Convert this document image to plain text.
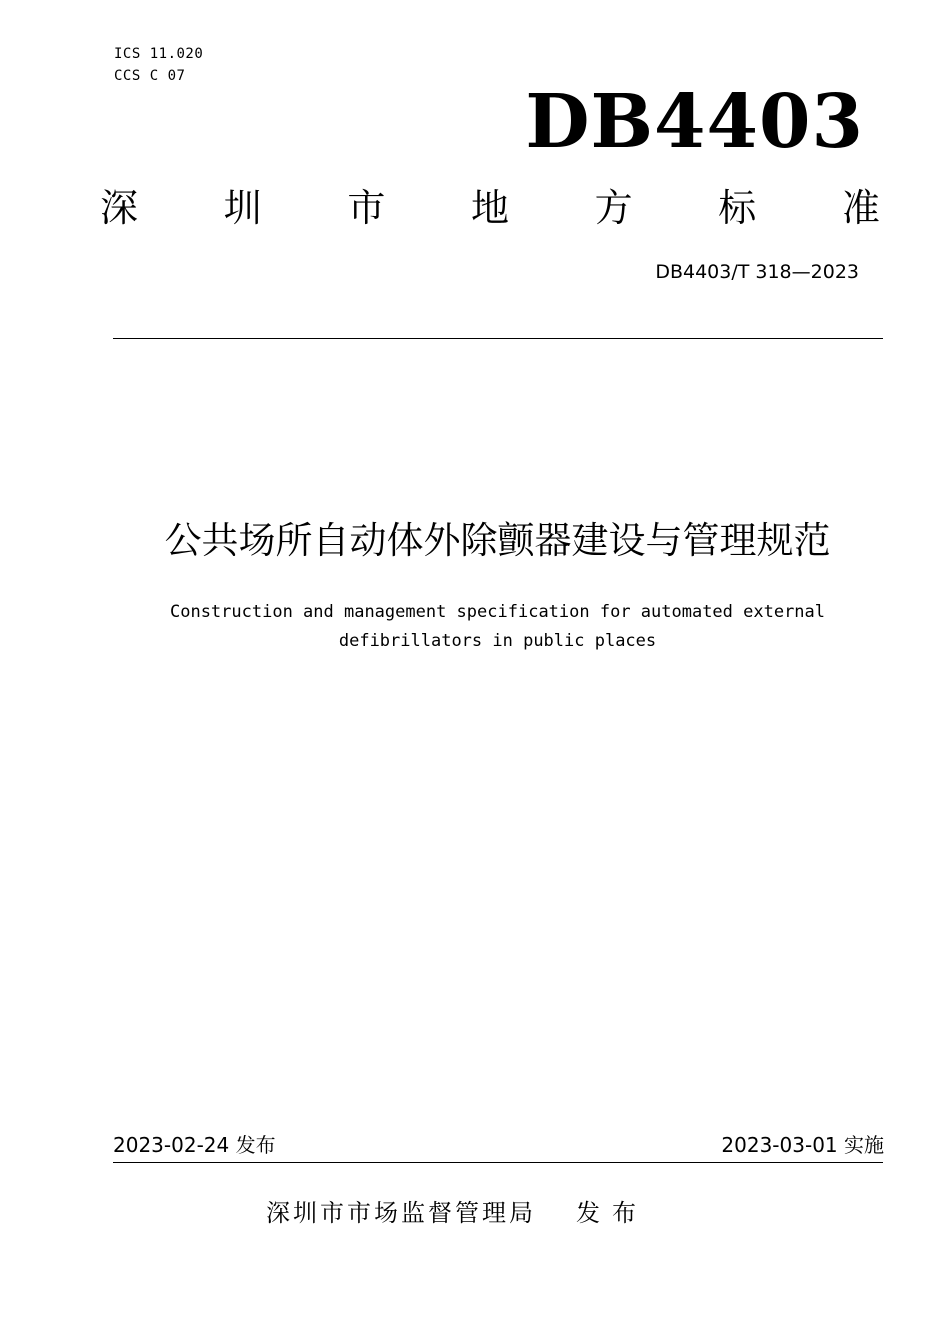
ICS 11.020
CCS C 07
DB4403
深 圳 市 地 方 标 准
DB4403/T 318—2023
公共场所自动体外除颤器建设与管理规范
Construction and management specification for automated external
defibrillators in public places
2023-02-24 发布	2023-03-01 实施
深圳市市场监督管理局 发布
